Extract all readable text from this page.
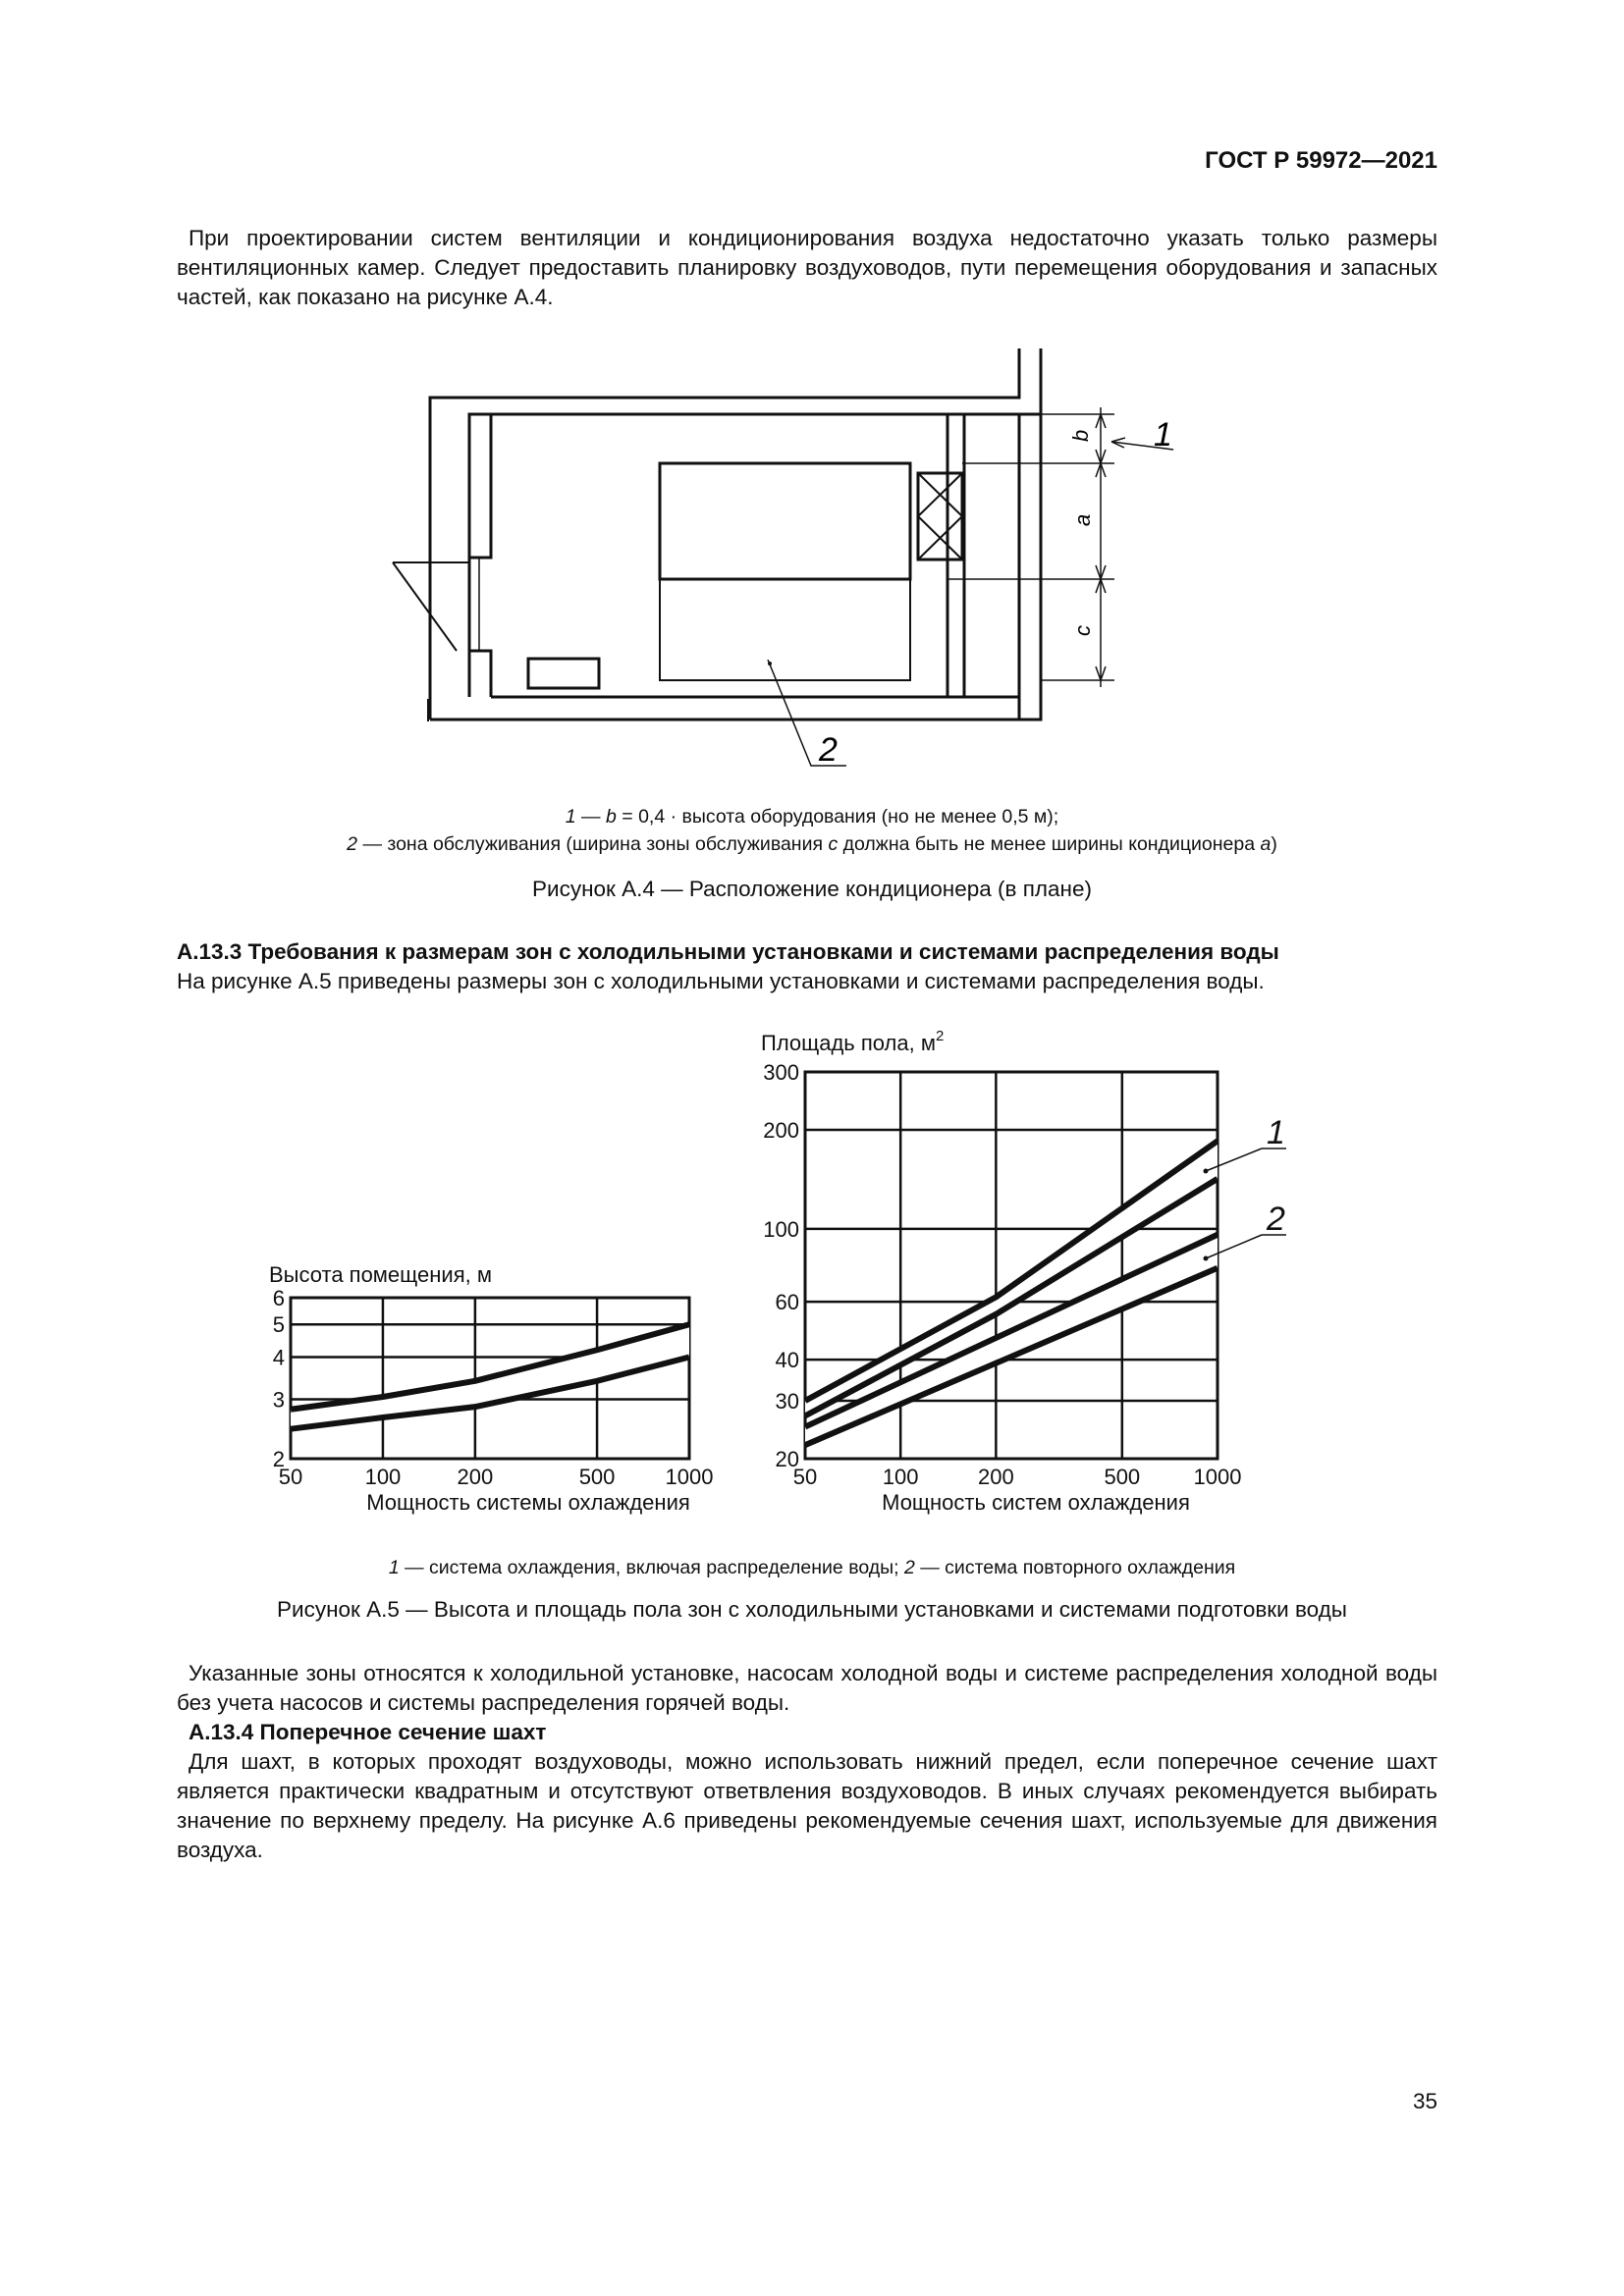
ГОСТ Р 59972—2021
При проектировании систем вентиляции и кондиционирования воздуха недостаточно указать только размеры вентиляционных камер. Следует предоставить планировку воздуховодов, пути перемещения оборудования и запасных частей, как показано на рисунке А.4.
b
a
c
1
2
1 — b = 0,4 · высота оборудования (но не менее 0,5 м);
2 — зона обслуживания (ширина зоны обслуживания c должна быть не менее ширины кондиционера a)
Рисунок А.4 — Расположение кондиционера (в плане)
А.13.3 Требования к размерам зон с холодильными установками и системами распределения воды
На рисунке А.5 приведены размеры зон с холодильными установками и системами распределения воды.
50	100	200	500 1000
2
3
4
5
6
Высота помещения, м
Мощность системы охлаждения
50	100	200	500 1000
20
30
40
60
100
200
300
Площадь пола, $м^2$
Мощность систем охлаждения
1
2
1 — система охлаждения, включая распределение воды; 2 — система повторного охлаждения
Рисунок А.5 — Высота и площадь пола зон с холодильными установками и системами подготовки воды
Указанные зоны относятся к холодильной установке, насосам холодной воды и системе распределения холодной воды без учета насосов и системы распределения горячей воды.
А.13.4 Поперечное сечение шахт
Для шахт, в которых проходят воздуховоды, можно использовать нижний предел, если поперечное сечение шахт является практически квадратным и отсутствуют ответвления воздуховодов. В иных случаях рекомендуется выбирать значение по верхнему пределу. На рисунке А.6 приведены рекомендуемые сечения шахт, используемые для движения воздуха.
35
